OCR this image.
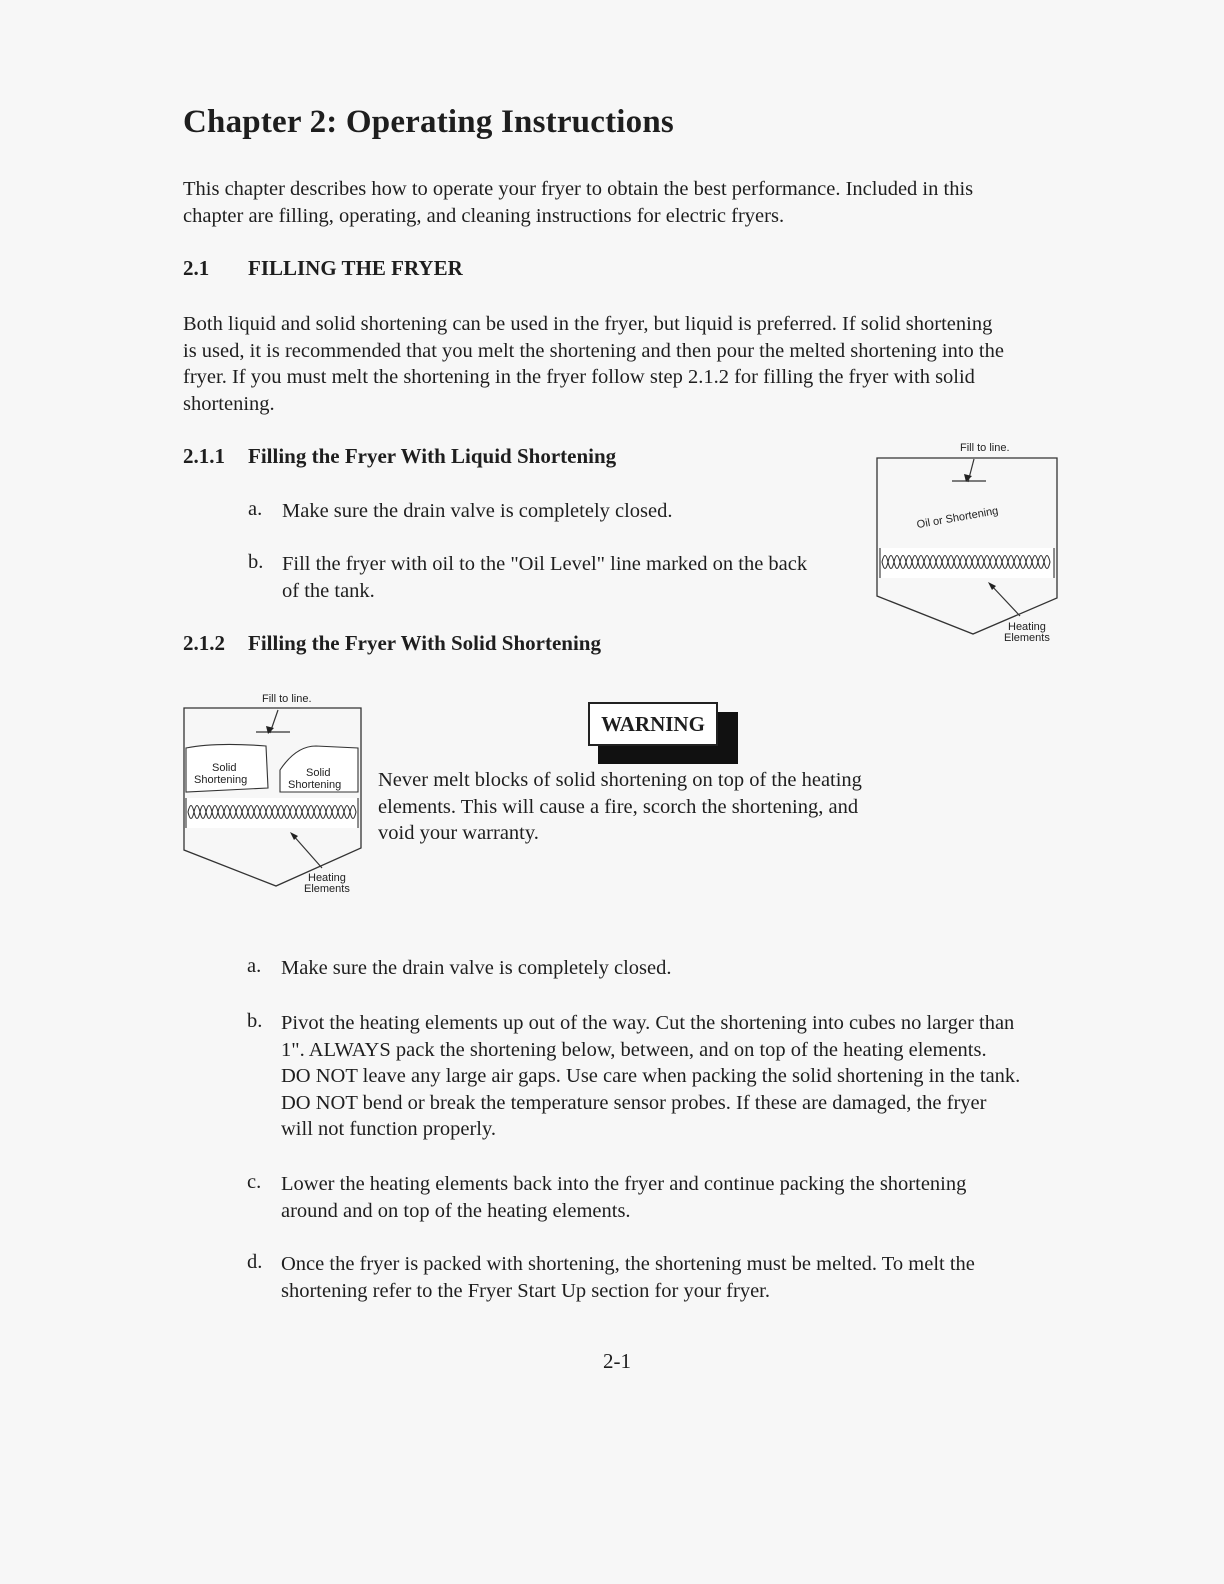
Chapter 2: Operating Instructions
This chapter describes how to operate your fryer to obtain the best performance. Included in this
chapter are filling, operating, and cleaning instructions for electric fryers.
2.1 FILLING THE FRYER
Both liquid and solid shortening can be used in the fryer, but liquid is preferred. If solid shortening
is used, it is recommended that you melt the shortening and then pour the melted shortening into the
fryer. If you must melt the shortening in the fryer follow step 2.1.2 for filling the fryer with solid
shortening.
2.1.1 Filling the Fryer With Liquid Shortening
a. Make sure the drain valve is completely closed.
b. Fill the fryer with oil to the "Oil Level" line marked on the back
of the tank.
Fill to line.
Oil or Shortening
Heating
Elements
2.1.2 Filling the Fryer With Solid Shortening
Fill to line.
Solid
Shortening
Solid
Shortening
Heating
Elements
WARNING
Never melt blocks of solid shortening on top of the heating
elements. This will cause a fire, scorch the shortening, and
void your warranty.
a. Make sure the drain valve is completely closed.
b. Pivot the heating elements up out of the way. Cut the shortening into cubes no larger than
1". ALWAYS pack the shortening below, between, and on top of the heating elements.
DO NOT leave any large air gaps. Use care when packing the solid shortening in the tank.
DO NOT bend or break the temperature sensor probes. If these are damaged, the fryer
will not function properly.
c. Lower the heating elements back into the fryer and continue packing the shortening
around and on top of the heating elements.
d. Once the fryer is packed with shortening, the shortening must be melted. To melt the
shortening refer to the Fryer Start Up section for your fryer.
2-1
